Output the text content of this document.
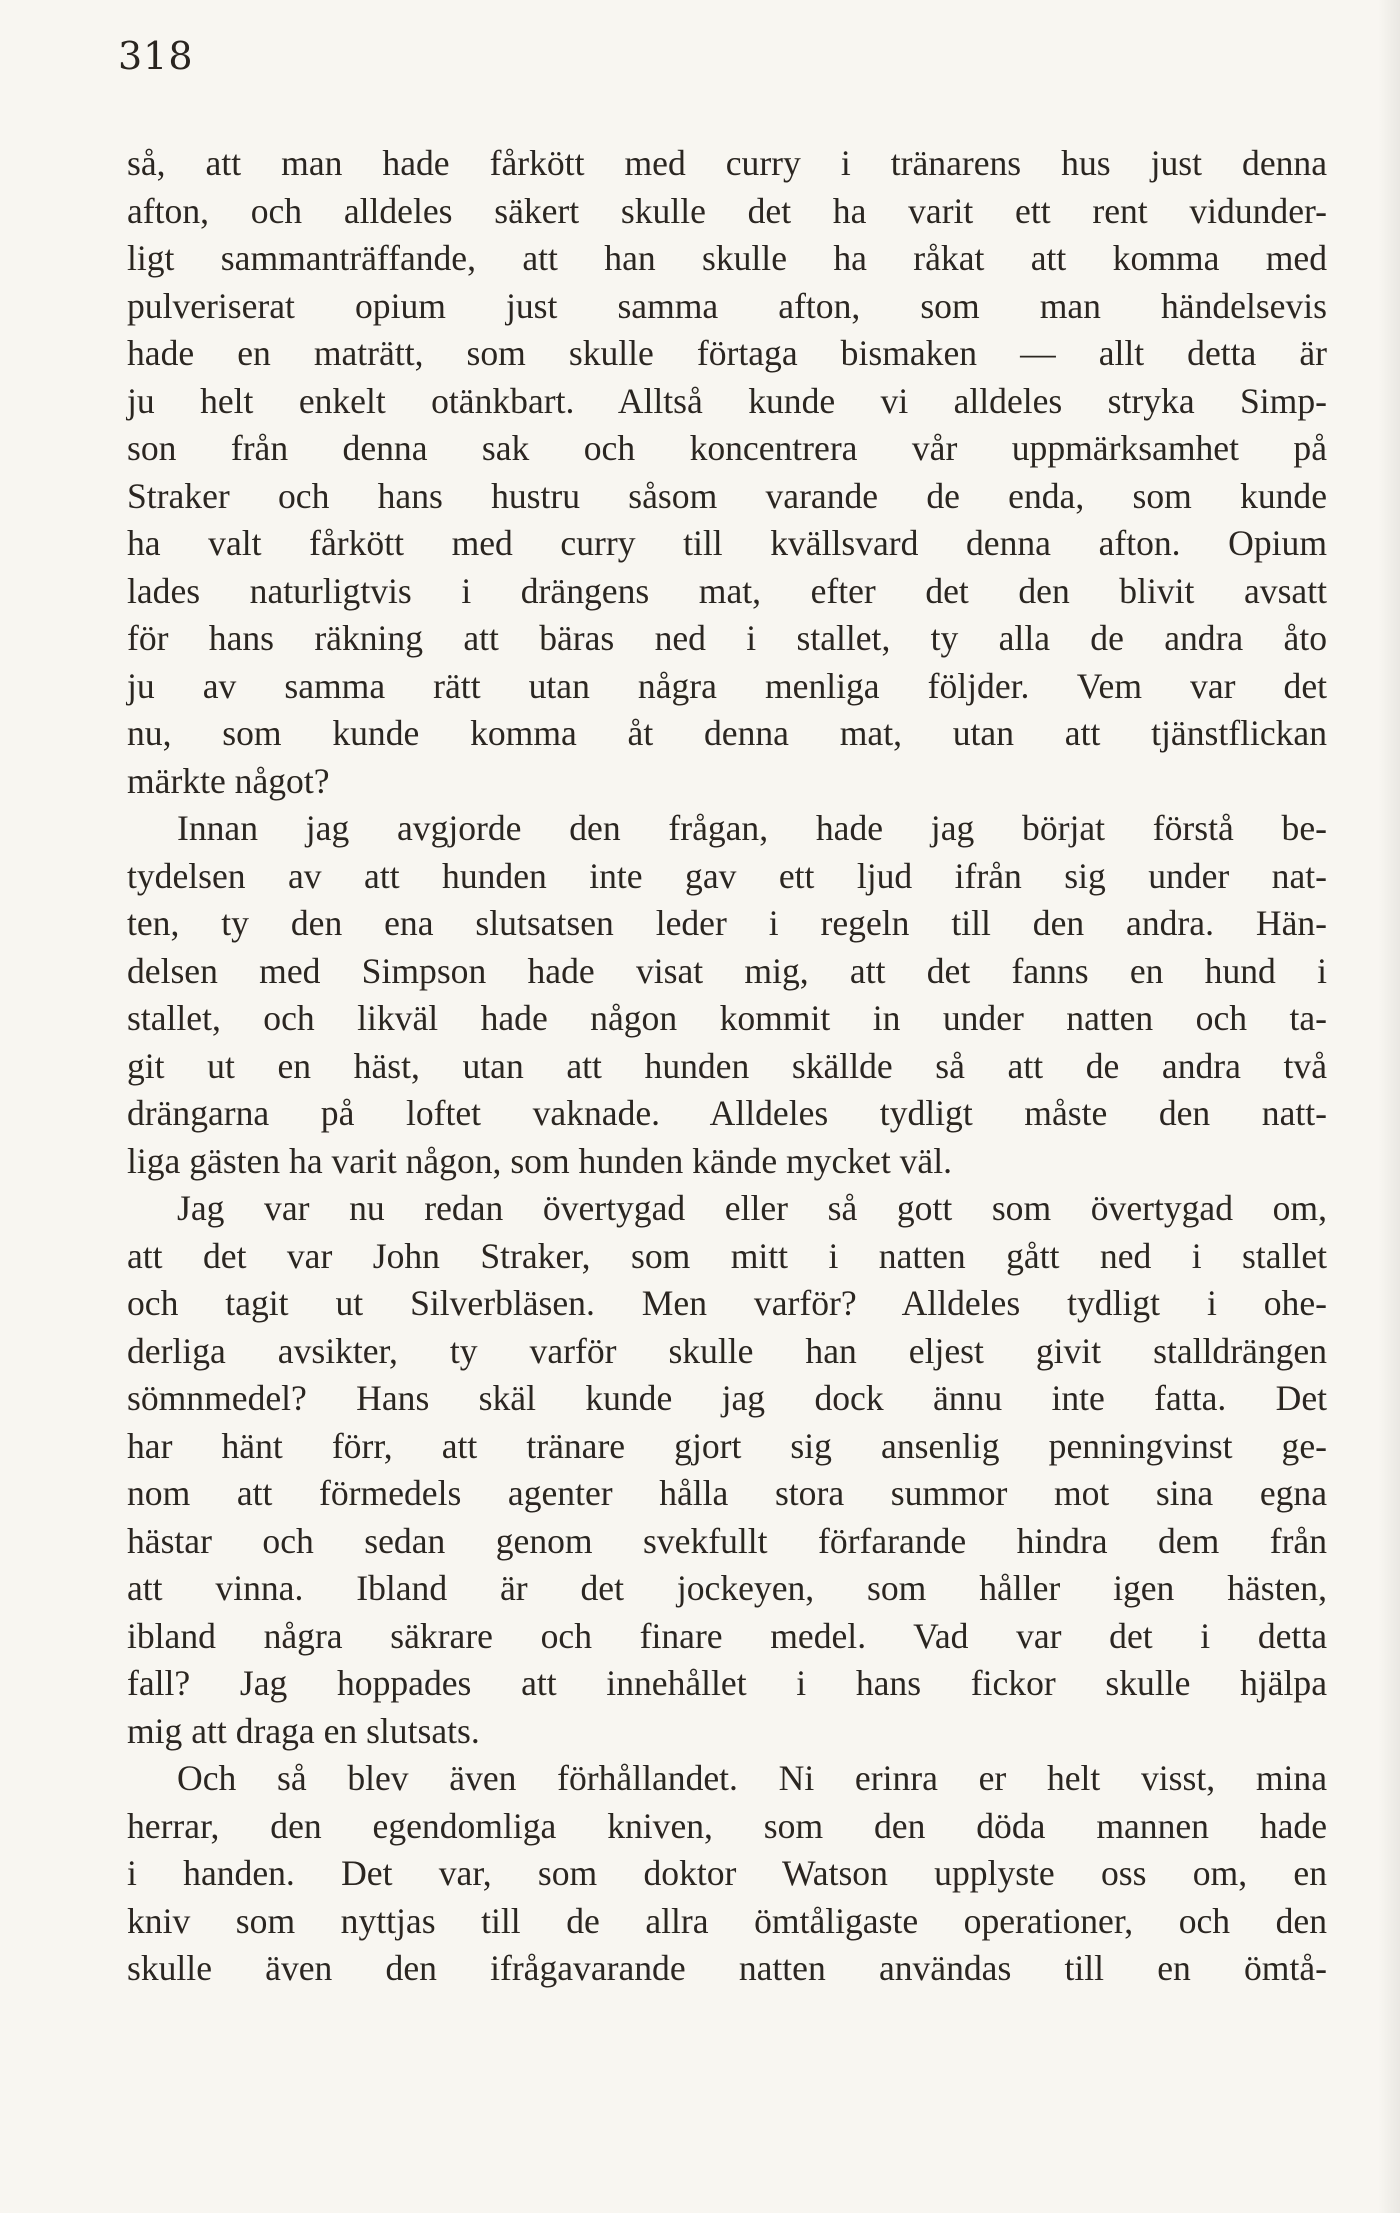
318
så, att man hade fårkött med curry i tränarens hus just denna
afton, och alldeles säkert skulle det ha varit ett rent vidunder-
ligt sammanträffande, att han skulle ha råkat att komma med
pulveriserat opium just samma afton, som man händelsevis
hade en maträtt, som skulle förtaga bismaken — allt detta är
ju helt enkelt otänkbart. Alltså kunde vi alldeles stryka Simp-
son från denna sak och koncentrera vår uppmärksamhet på
Straker och hans hustru såsom varande de enda, som kunde
ha valt fårkött med curry till kvällsvard denna afton. Opium
lades naturligtvis i drängens mat, efter det den blivit avsatt
för hans räkning att bäras ned i stallet, ty alla de andra åto
ju av samma rätt utan några menliga följder. Vem var det
nu, som kunde komma åt denna mat, utan att tjänstflickan
märkte något?
Innan jag avgjorde den frågan, hade jag börjat förstå be-
tydelsen av att hunden inte gav ett ljud ifrån sig under nat-
ten, ty den ena slutsatsen leder i regeln till den andra. Hän-
delsen med Simpson hade visat mig, att det fanns en hund i
stallet, och likväl hade någon kommit in under natten och ta-
git ut en häst, utan att hunden skällde så att de andra två
drängarna på loftet vaknade. Alldeles tydligt måste den natt-
liga gästen ha varit någon, som hunden kände mycket väl.
Jag var nu redan övertygad eller så gott som övertygad om,
att det var John Straker, som mitt i natten gått ned i stallet
och tagit ut Silverbläsen. Men varför? Alldeles tydligt i ohe-
derliga avsikter, ty varför skulle han eljest givit stalldrängen
sömnmedel? Hans skäl kunde jag dock ännu inte fatta. Det
har hänt förr, att tränare gjort sig ansenlig penningvinst ge-
nom att förmedels agenter hålla stora summor mot sina egna
hästar och sedan genom svekfullt förfarande hindra dem från
att vinna. Ibland är det jockeyen, som håller igen hästen,
ibland några säkrare och finare medel. Vad var det i detta
fall? Jag hoppades att innehållet i hans fickor skulle hjälpa
mig att draga en slutsats.
Och så blev även förhållandet. Ni erinra er helt visst, mina
herrar, den egendomliga kniven, som den döda mannen hade
i handen. Det var, som doktor Watson upplyste oss om, en
kniv som nyttjas till de allra ömtåligaste operationer, och den
skulle även den ifrågavarande natten användas till en ömtå-
